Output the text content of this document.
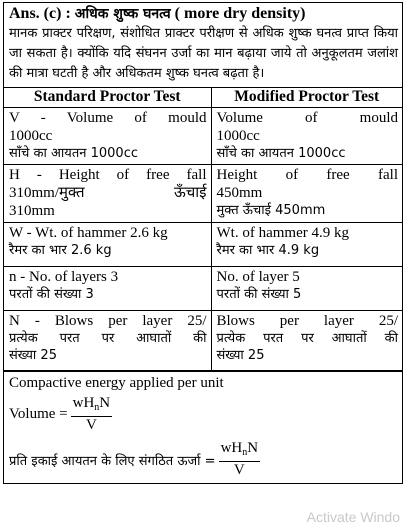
Ans. (c) : अधिक शुष्क घनत्व ( more dry density)
मानक प्राक्टर परिक्षण, संशोधित प्राक्टर परीक्षण से अधिक शुष्क घनत्व प्राप्त किया जा सकता है। क्योंकि यदि संघनन उर्जा का मान बढ़ाया जाये तो अनुकूलतम जलांश की मात्रा घटती है और अधिकतम शुष्क घनत्व बढ़ता है।
Standard Proctor Test	Modified Proctor Test

V - Volume of mould
1000cc
साँचे का आयतन 1000cc	Volume of mould
1000cc
साँचे का आयतन 1000cc

H - Height of free fall
310mm/मुक्त ऊँचाई
310mm	Height of free fall
450mm
मुक्त ऊँचाई 450mm

W - Wt. of hammer 2.6 kg
रैमर का भार 2.6 kg	Wt. of hammer 4.9 kg
रैमर का भार 4.9 kg

n - No. of layers 3
परतों की संख्या 3	No. of layer 5
परतों की संख्या 5

N - Blows per layer 25/
प्रत्येक परत पर आघातों की
संख्या 25	Blows per layer 25/
प्रत्येक परत पर आघातों की
संख्या 25
Compactive energy applied per unit
Volume = $\frac{wH_nN}{V}$
प्रति इकाई आयतन के लिए संगठित ऊर्जा = $\frac{wH_nN}{V}$
Activate Windo
